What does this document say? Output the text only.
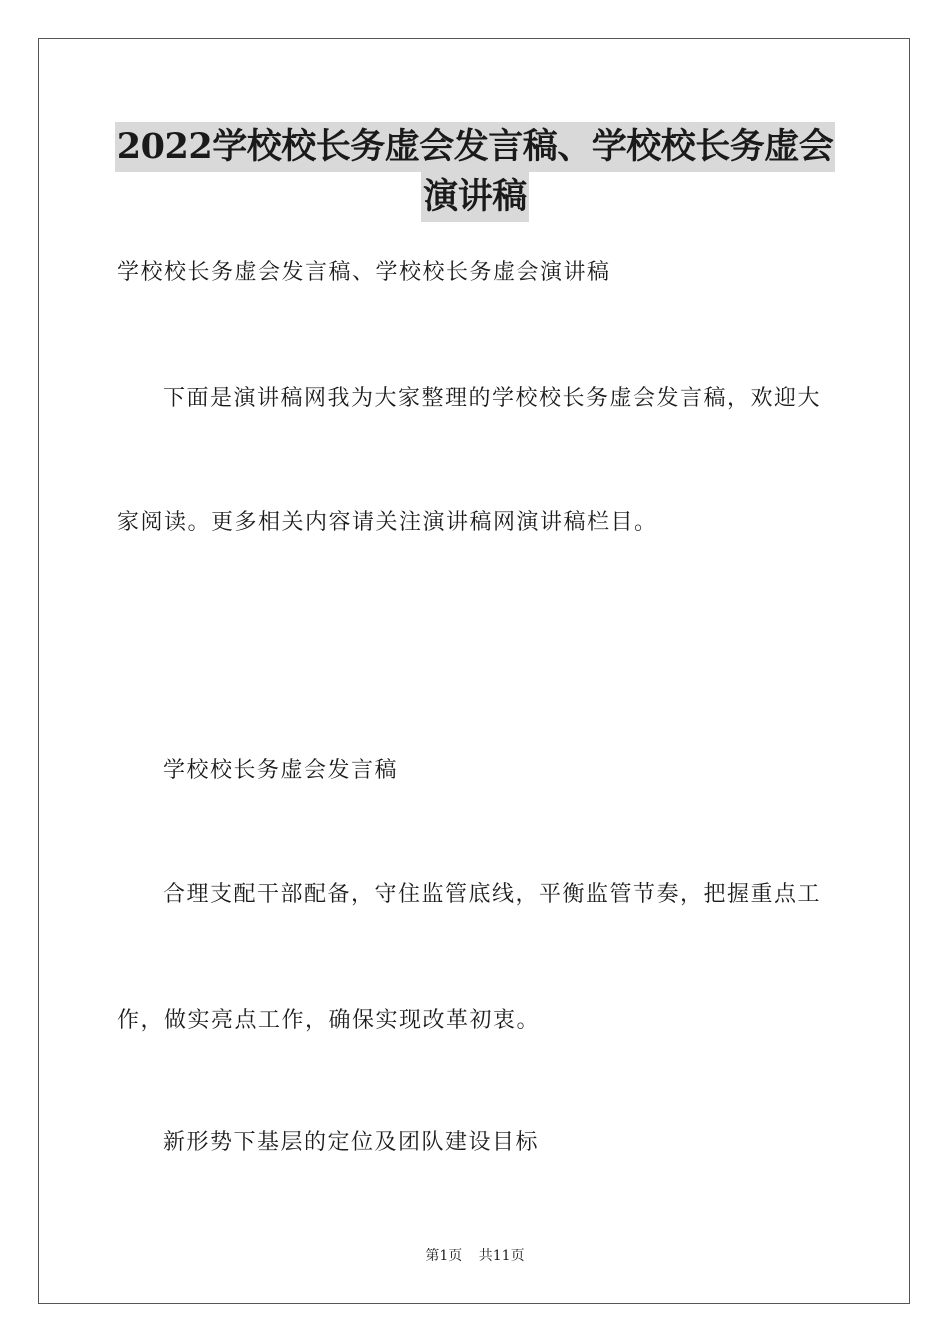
2022学校校长务虚会发言稿、学校校长务虚会
演讲稿
学校校长务虚会发言稿、学校校长务虚会演讲稿
下面是演讲稿网我为大家整理的学校校长务虚会发言稿，欢迎大
家阅读。更多相关内容请关注演讲稿网演讲稿栏目。
学校校长务虚会发言稿
合理支配干部配备，守住监管底线，平衡监管节奏，把握重点工
作，做实亮点工作，确保实现改革初衷。
新形势下基层的定位及团队建设目标
第1页 共11页
